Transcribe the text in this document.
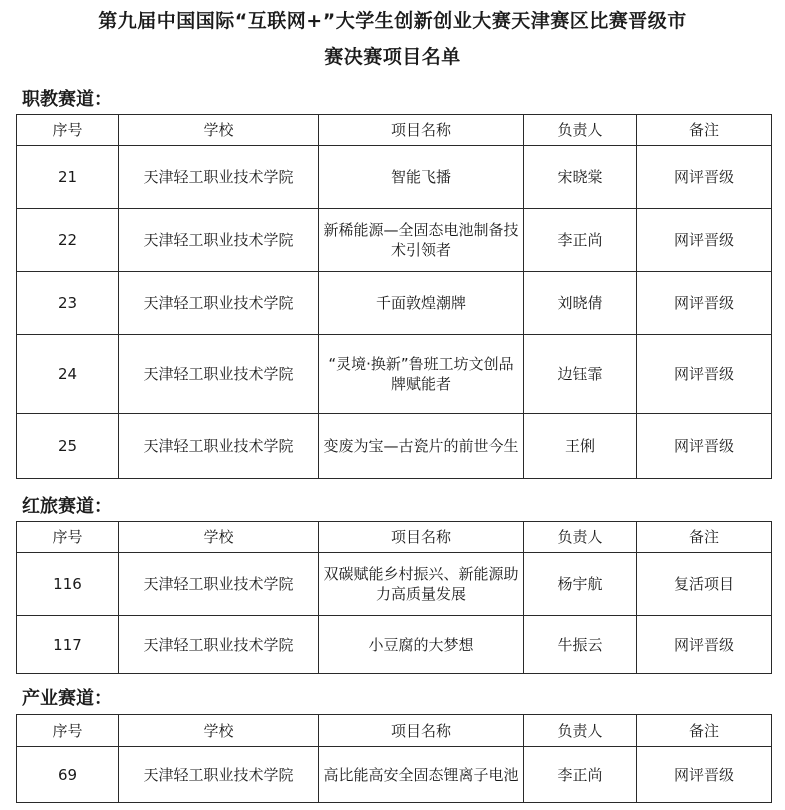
第九届中国国际“互联网+”大学生创新创业大赛天津赛区比赛晋级市
赛决赛项目名单
职教赛道：
序号	学校	项目名称	负责人	备注
21	天津轻工职业技术学院	智能飞播	宋晓棠	网评晋级
22	天津轻工职业技术学院	新稀能源—全固态电池制备技术引领者	李正尚	网评晋级
23	天津轻工职业技术学院	千面敦煌潮牌	刘晓倩	网评晋级
24	天津轻工职业技术学院	“灵境·换新”鲁班工坊文创品牌赋能者	边钰霏	网评晋级
25	天津轻工职业技术学院	变废为宝—古瓷片的前世今生	王俐	网评晋级
红旅赛道：
序号	学校	项目名称	负责人	备注
116	天津轻工职业技术学院	双碳赋能乡村振兴、新能源助力高质量发展	杨宇航	复活项目
117	天津轻工职业技术学院	小豆腐的大梦想	牛振云	网评晋级
产业赛道：
序号	学校	项目名称	负责人	备注
69	天津轻工职业技术学院	高比能高安全固态锂离子电池	李正尚	网评晋级
